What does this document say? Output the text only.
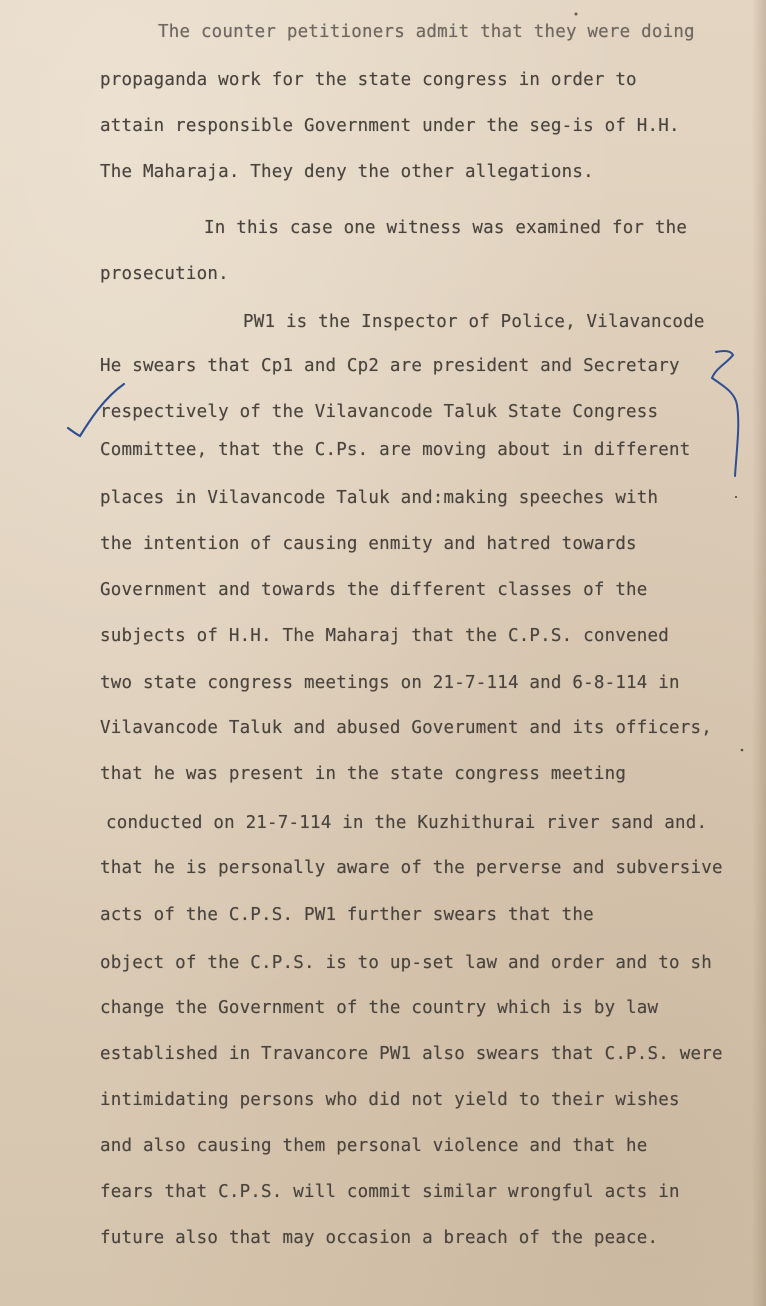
The counter petitioners admit that they were doing
propaganda work for the state congress in order to
attain responsible Government under the seg-is of H.H.
The Maharaja. They deny the other allegations.
In this case one witness was examined for the
prosecution.
PW1 is the Inspector of Police, Vilavancode
He swears that Cp1 and Cp2 are president and Secretary
respectively of the Vilavancode Taluk State Congress
Committee, that the C.Ps. are moving about in different
places in Vilavancode Taluk and:making speeches with
the intention of causing enmity and hatred towards
Government and towards the different classes of the
subjects of H.H. The Maharaj that the C.P.S. convened
two state congress meetings on 21-7-114 and 6-8-114 in
Vilavancode Taluk and abused Goverument and its officers,
that he was present in the state congress meeting
conducted on 21-7-114 in the Kuzhithurai river sand and.
that he is personally aware of the perverse and subversive
acts of the C.P.S. PW1 further swears that the
object of the C.P.S. is to up-set law and order and to sh
change the Government of the country which is by law
established in Travancore PW1 also swears that C.P.S. were
intimidating persons who did not yield to their wishes
and also causing them personal violence and that he
fears that C.P.S. will commit similar wrongful acts in
future also that may occasion a breach of the peace.
